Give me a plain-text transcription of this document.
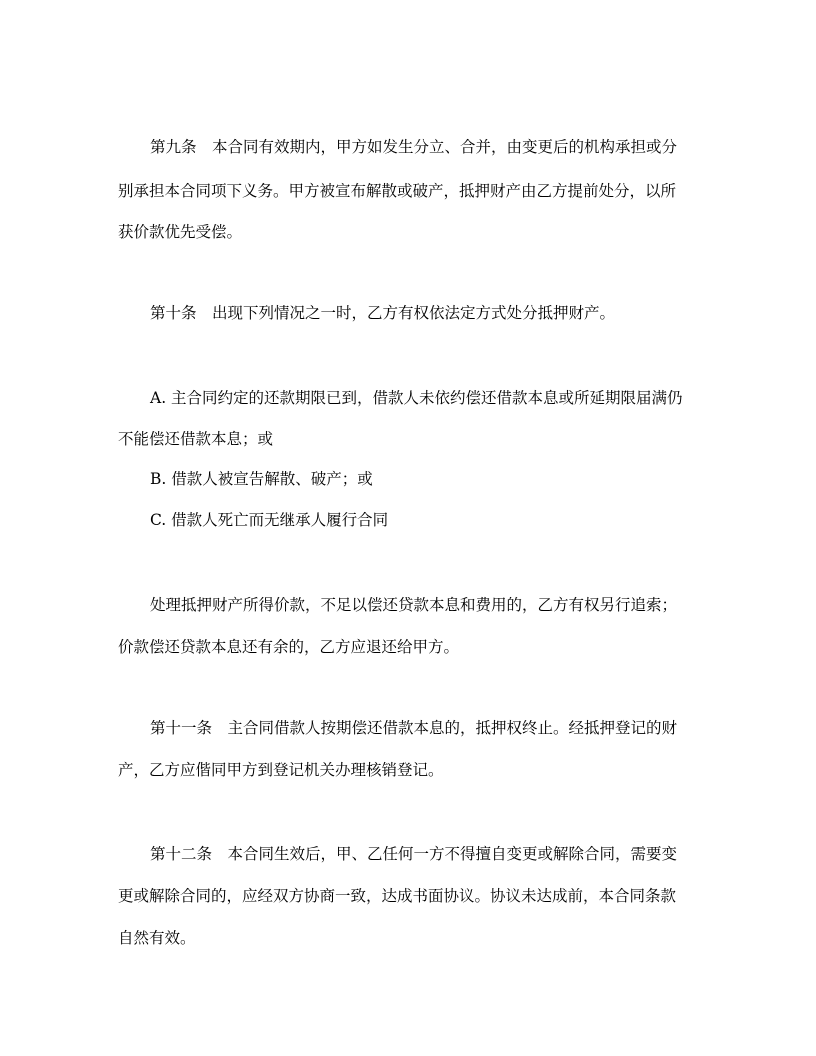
第九条　本合同有效期内，甲方如发生分立、合并，由变更后的机构承担或分
别承担本合同项下义务。甲方被宣布解散或破产，抵押财产由乙方提前处分，以所
获价款优先受偿。
第十条　出现下列情况之一时，乙方有权依法定方式处分抵押财产。
A. 主合同约定的还款期限已到，借款人未依约偿还借款本息或所延期限届满仍
不能偿还借款本息；或
B. 借款人被宣告解散、破产；或
C. 借款人死亡而无继承人履行合同
处理抵押财产所得价款，不足以偿还贷款本息和费用的，乙方有权另行追索；
价款偿还贷款本息还有余的，乙方应退还给甲方。
第十一条　主合同借款人按期偿还借款本息的，抵押权终止。经抵押登记的财
产，乙方应偕同甲方到登记机关办理核销登记。
第十二条　本合同生效后，甲、乙任何一方不得擅自变更或解除合同，需要变
更或解除合同的，应经双方协商一致，达成书面协议。协议未达成前，本合同条款
自然有效。
